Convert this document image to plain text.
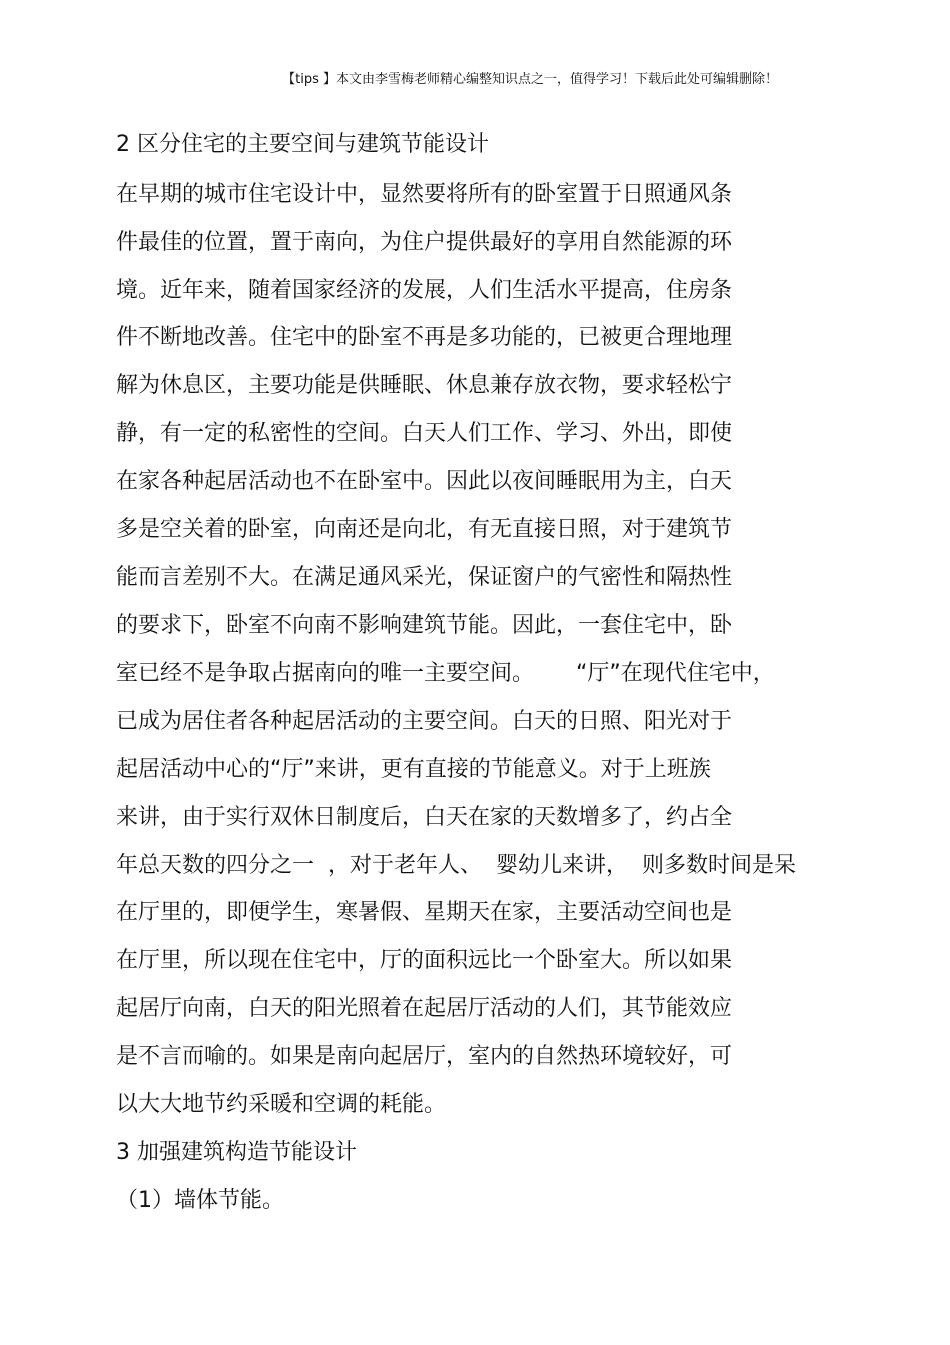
【tips 】本文由李雪梅老师精心编整知识点之一，值得学习！下载后此处可编辑删除！
2 区分住宅的主要空间与建筑节能设计
在早期的城市住宅设计中，显然要将所有的卧室置于日照通风条
件最佳的位置，置于南向，为住户提供最好的享用自然能源的环
境。近年来，随着国家经济的发展，人们生活水平提高，住房条
件不断地改善。住宅中的卧室不再是多功能的，已被更合理地理
解为休息区，主要功能是供睡眠、休息兼存放衣物，要求轻松宁
静，有一定的私密性的空间。白天人们工作、学习、外出，即使
在家各种起居活动也不在卧室中。因此以夜间睡眠用为主，白天
多是空关着的卧室，向南还是向北，有无直接日照，对于建筑节
能而言差别不大。在满足通风采光，保证窗户的气密性和隔热性
的要求下，卧室不向南不影响建筑节能。因此，一套住宅中，卧
室已经不是争取占据南向的唯一主要空间。      “厅”在现代住宅中，
已成为居住者各种起居活动的主要空间。白天的日照、阳光对于
起居活动中心的“厅”来讲，更有直接的节能意义。对于上班族
来讲，由于实行双休日制度后，白天在家的天数增多了，约占全
年总天数的四分之一  ，对于老年人、  婴幼儿来讲，  则多数时间是呆
在厅里的，即便学生，寒暑假、星期天在家，主要活动空间也是
在厅里，所以现在住宅中，厅的面积远比一个卧室大。所以如果
起居厅向南，白天的阳光照着在起居厅活动的人们，其节能效应
是不言而喻的。如果是南向起居厅，室内的自然热环境较好，可
以大大地节约采暖和空调的耗能。
3 加强建筑构造节能设计
（1）墙体节能。
